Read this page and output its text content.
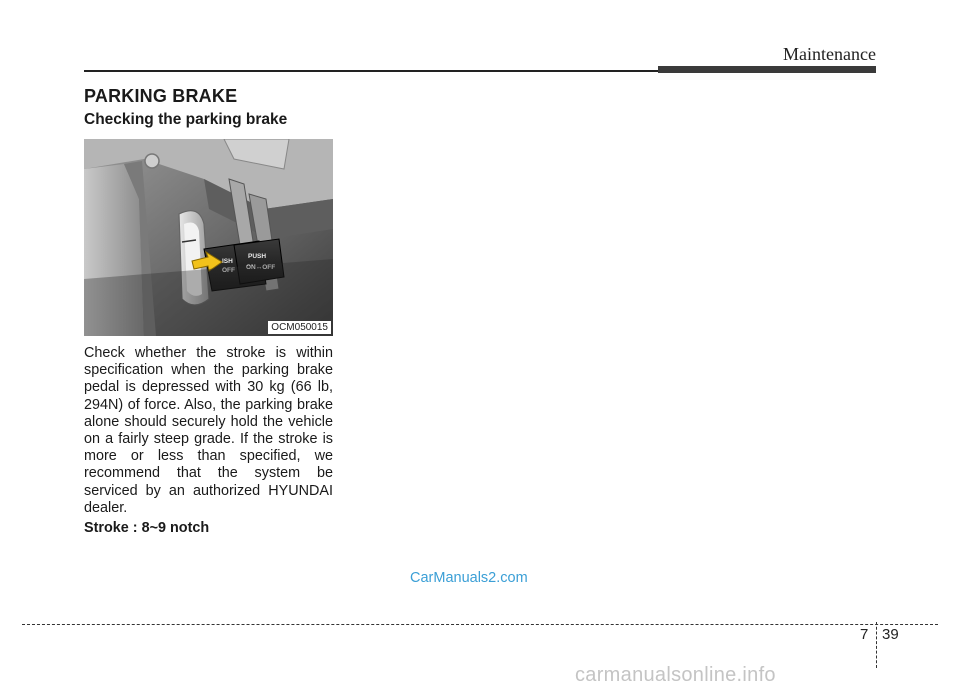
Maintenance
PARKING BRAKE
Checking the parking brake
ISH
OFF
PUSH
ON↔OFF
OCM050015
Check whether the stroke is within specification when the parking brake pedal is depressed with 30 kg (66 lb, 294N) of force. Also, the parking brake alone should securely hold the vehicle on a fairly steep grade. If the stroke is more or less than specified, we recommend that the system be serviced by an authorized HYUNDAI dealer.
Stroke : 8~9 notch
CarManuals2.com
7 39
carmanualsonline.info
